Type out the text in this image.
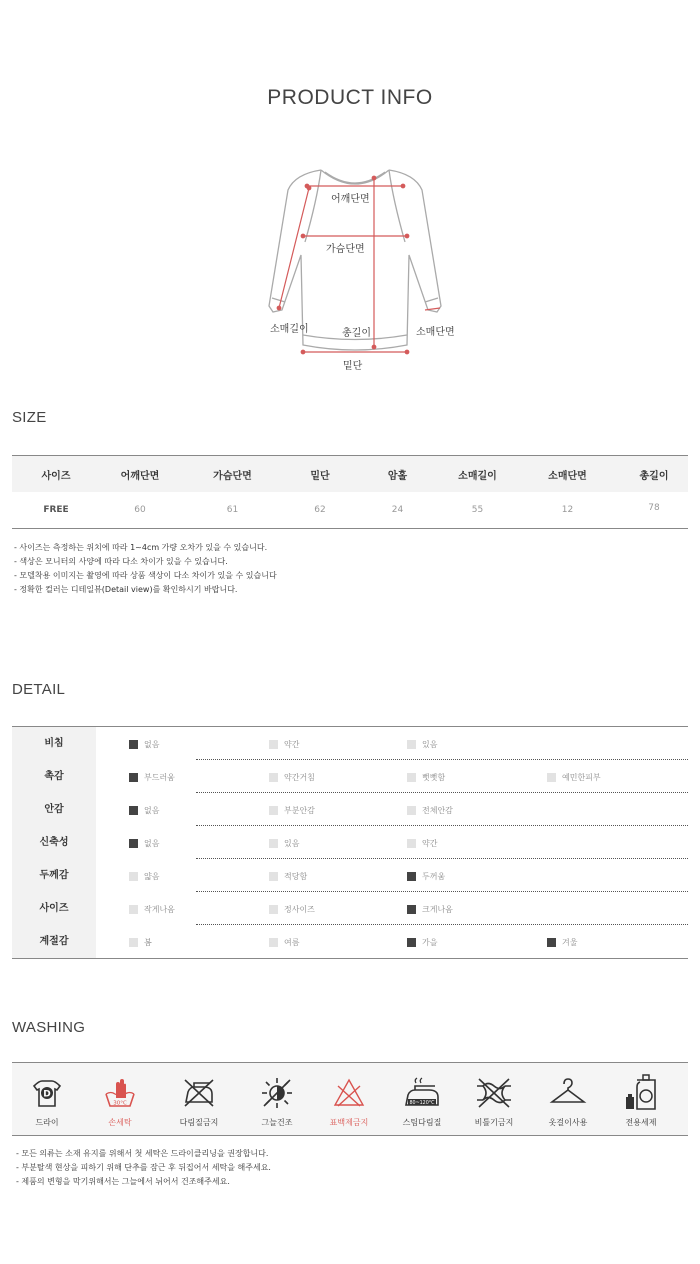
PRODUCT INFO
어깨단면
가슴단면
소매길이	총길이	소매단면
밑단
SIZE
사이즈	어깨단면	가슴단면	밑단	암홀	소매길이	소매단면	총길이
FREE	60	61	62	24	55	12	78
- 사이즈는 측정하는 위치에 따라 1~4cm 가량 오차가 있을 수 있습니다.
- 색상은 모니터의 사양에 따라 다소 차이가 있을 수 있습니다.
- 모델착용 이미지는 촬영에 따라 상품 색상이 다소 차이가 있을 수 있습니다
- 정확한 컬러는 디테일뷰(Detail view)를 확인하시기 바랍니다.
DETAIL
비침	없음	약간	있음
촉감	부드러움	약간거침	뻣뻣함	예민한피부
안감	없음	부분안감	전체안감
신축성	없음	있음	약간
두께감	얇음	적당함	두꺼움
사이즈	작게나옴	정사이즈	크게나옴
계절감	봄	여름	가을	겨울
WASHING
D
드라이
30°C
손세탁	다림질금지	그늘건조	표백제금지
80~120°C
스팀다림질	비틀기금지	옷걸이사용	전용세제
- 모든 의류는 소재 유지를 위해서 첫 세탁은 드라이클리닝을 권장합니다.
- 부분탈색 현상을 피하기 위해 단추를 잠근 후 뒤집어서 세탁을 해주세요.
- 제품의 변형을 막기위해서는 그늘에서 뉘어서 건조해주세요.
